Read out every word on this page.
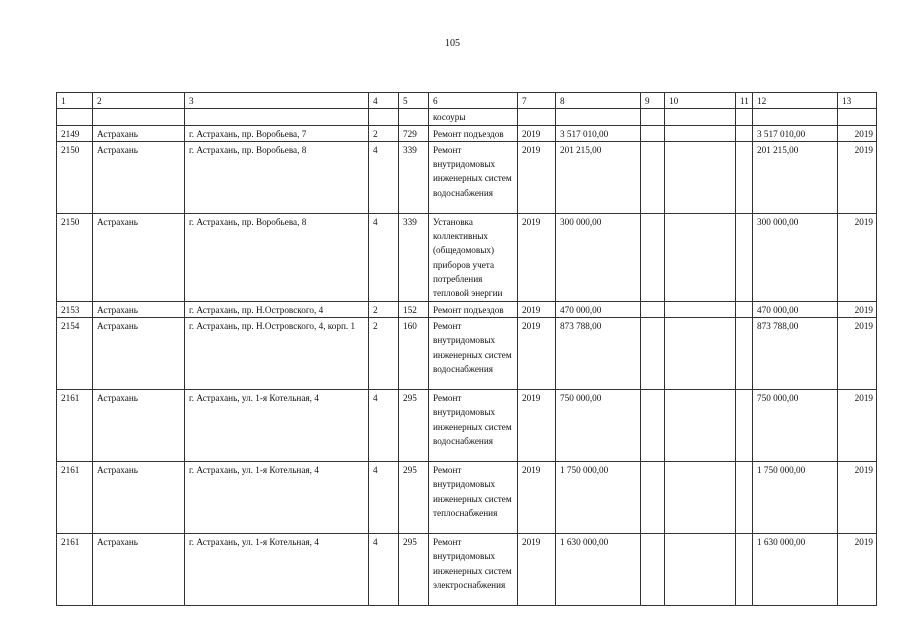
105
1	2	3	4	5	6	7	8	9	10	11	12	13
					косоуры							
2149	Астрахань	г. Астрахань, пр. Воробьева, 7	2	729	Ремонт подъездов	2019	3 517 010,00				3 517 010,00	2019
2150	Астрахань	г. Астрахань, пр. Воробьева, 8	4	339	Ремонт внутридомовых инженерных систем водоснабжения	2019	201 215,00				201 215,00	2019
2150	Астрахань	г. Астрахань, пр. Воробьева, 8	4	339	Установка коллективных (общедомовых) приборов учета потребления тепловой энергии	2019	300 000,00				300 000,00	2019
2153	Астрахань	г. Астрахань, пр. Н.Островского, 4	2	152	Ремонт подъездов	2019	470 000,00				470 000,00	2019
2154	Астрахань	г. Астрахань, пр. Н.Островского, 4, корп. 1	2	160	Ремонт внутридомовых инженерных систем водоснабжения	2019	873 788,00				873 788,00	2019
2161	Астрахань	г. Астрахань, ул. 1-я Котельная, 4	4	295	Ремонт внутридомовых инженерных систем водоснабжения	2019	750 000,00				750 000,00	2019
2161	Астрахань	г. Астрахань, ул. 1-я Котельная, 4	4	295	Ремонт внутридомовых инженерных систем теплоснабжения	2019	1 750 000,00				1 750 000,00	2019
2161	Астрахань	г. Астрахань, ул. 1-я Котельная, 4	4	295	Ремонт внутридомовых инженерных систем электроснабжения	2019	1 630 000,00				1 630 000,00	2019
